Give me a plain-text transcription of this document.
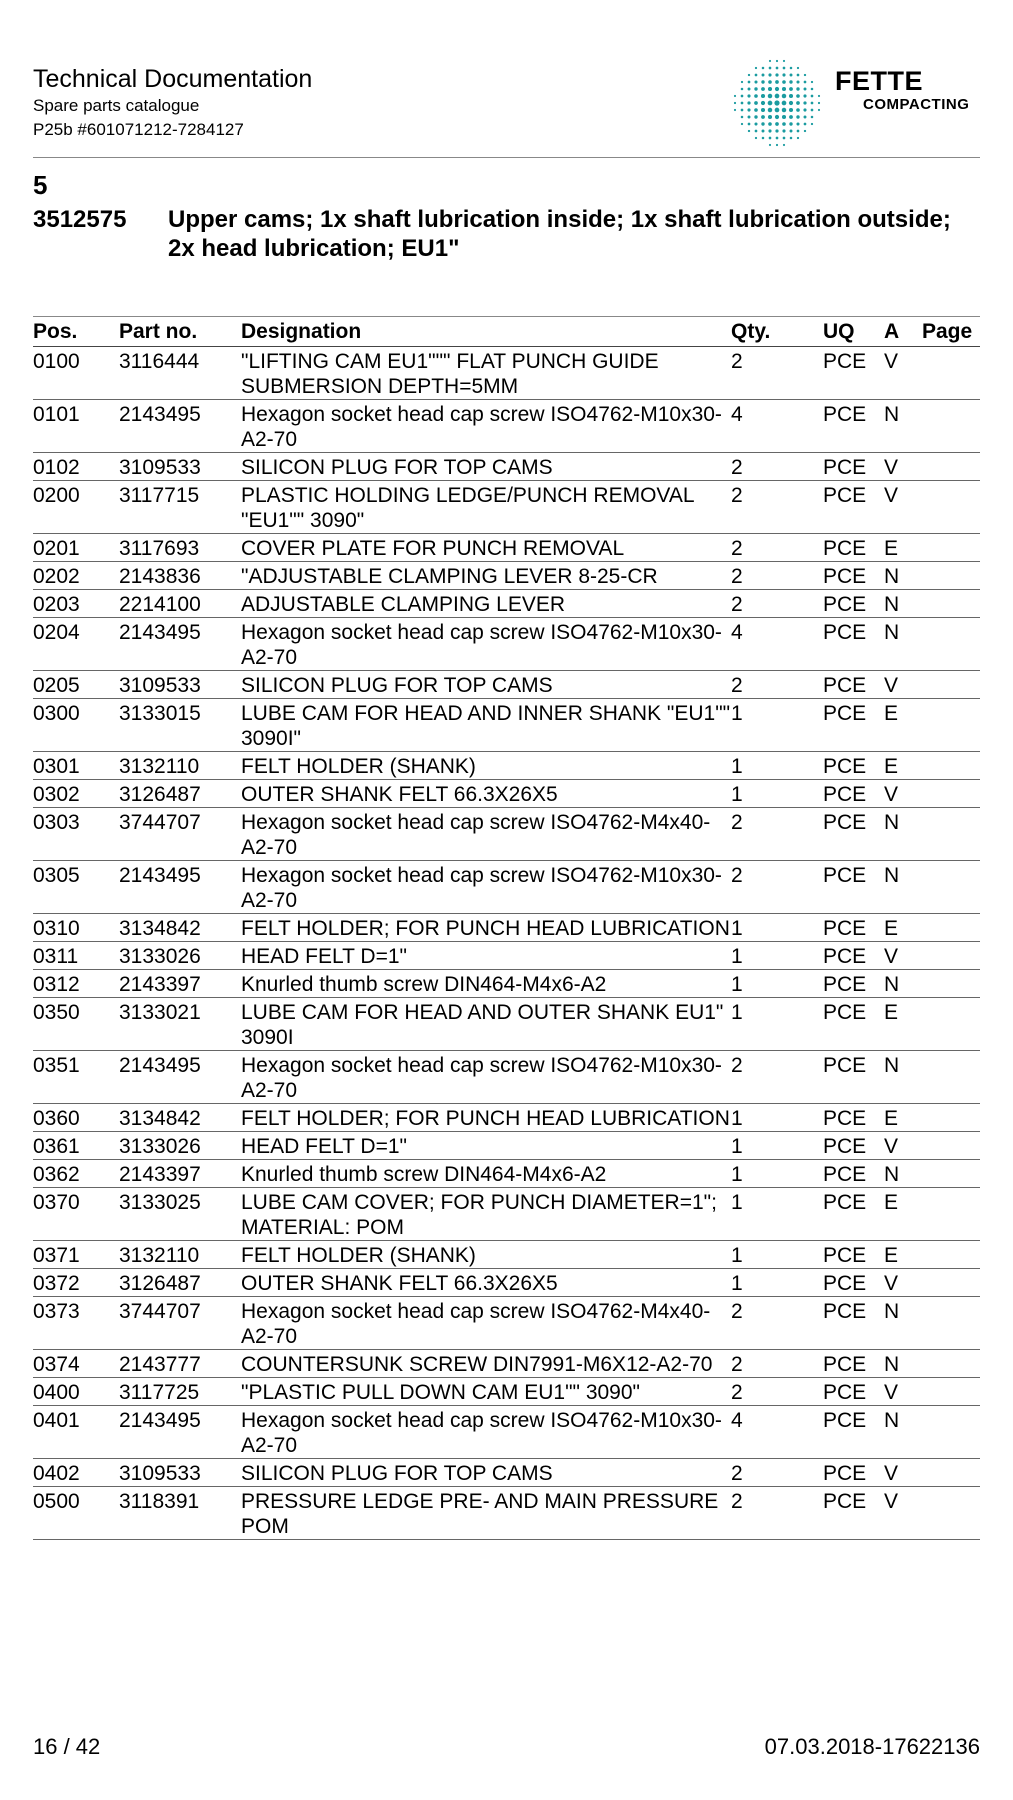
Technical Documentation
Spare parts catalogue
P25b #601071212-7284127
FETTE
COMPACTING
5
3512575 Upper cams; 1x shaft lubrication inside; 1x shaft lubrication outside; 2x head lubrication; EU1"
Pos.	Part no.	Designation	Qty.	UQ	A	Page
0100	3116444	"LIFTING CAM EU1""" FLAT PUNCH GUIDE SUBMERSION DEPTH=5MM	2	PCE	V	
0101	2143495	Hexagon socket head cap screw ISO4762-M10x30-A2-70	4	PCE	N	
0102	3109533	SILICON PLUG FOR TOP CAMS	2	PCE	V	
0200	3117715	PLASTIC HOLDING LEDGE/PUNCH REMOVAL "EU1"" 3090"	2	PCE	V	
0201	3117693	COVER PLATE FOR PUNCH REMOVAL	2	PCE	E	
0202	2143836	"ADJUSTABLE CLAMPING LEVER 8-25-CR	2	PCE	N	
0203	2214100	ADJUSTABLE CLAMPING LEVER	2	PCE	N	
0204	2143495	Hexagon socket head cap screw ISO4762-M10x30-A2-70	4	PCE	N	
0205	3109533	SILICON PLUG FOR TOP CAMS	2	PCE	V	
0300	3133015	LUBE CAM FOR HEAD AND INNER SHANK "EU1"" 3090I"	1	PCE	E	
0301	3132110	FELT HOLDER (SHANK)	1	PCE	E	
0302	3126487	OUTER SHANK FELT 66.3X26X5	1	PCE	V	
0303	3744707	Hexagon socket head cap screw ISO4762-M4x40-A2-70	2	PCE	N	
0305	2143495	Hexagon socket head cap screw ISO4762-M10x30-A2-70	2	PCE	N	
0310	3134842	FELT HOLDER; FOR PUNCH HEAD LUBRICATION	1	PCE	E	
0311	3133026	HEAD FELT D=1"	1	PCE	V	
0312	2143397	Knurled thumb screw DIN464-M4x6-A2	1	PCE	N	
0350	3133021	LUBE CAM FOR HEAD AND OUTER SHANK EU1" 3090I	1	PCE	E	
0351	2143495	Hexagon socket head cap screw ISO4762-M10x30-A2-70	2	PCE	N	
0360	3134842	FELT HOLDER; FOR PUNCH HEAD LUBRICATION	1	PCE	E	
0361	3133026	HEAD FELT D=1"	1	PCE	V	
0362	2143397	Knurled thumb screw DIN464-M4x6-A2	1	PCE	N	
0370	3133025	LUBE CAM COVER; FOR PUNCH DIAMETER=1"; MATERIAL: POM	1	PCE	E	
0371	3132110	FELT HOLDER (SHANK)	1	PCE	E	
0372	3126487	OUTER SHANK FELT 66.3X26X5	1	PCE	V	
0373	3744707	Hexagon socket head cap screw ISO4762-M4x40-A2-70	2	PCE	N	
0374	2143777	COUNTERSUNK SCREW DIN7991-M6X12-A2-70	2	PCE	N	
0400	3117725	"PLASTIC PULL DOWN CAM EU1"" 3090"	2	PCE	V	
0401	2143495	Hexagon socket head cap screw ISO4762-M10x30-A2-70	4	PCE	N	
0402	3109533	SILICON PLUG FOR TOP CAMS	2	PCE	V	
0500	3118391	PRESSURE LEDGE PRE- AND MAIN PRESSURE POM	2	PCE	V	
16 / 42	07.03.2018-17622136
